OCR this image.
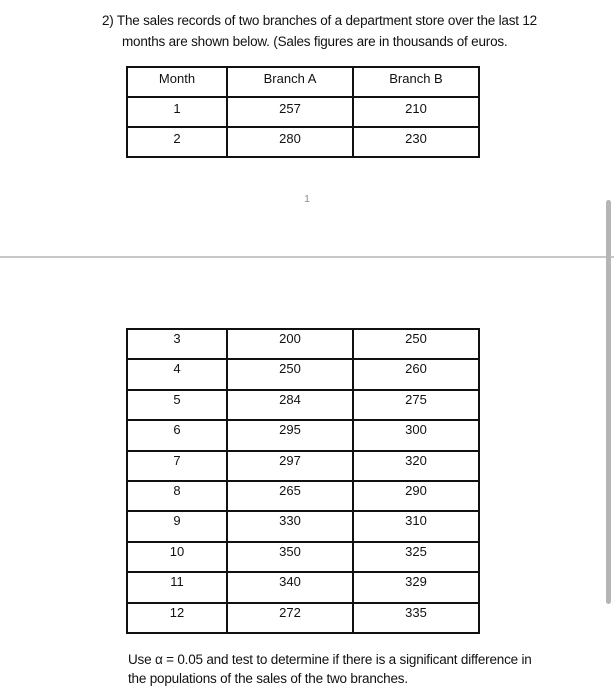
2) The sales records of two branches of a department store over the last 12
months are shown below. (Sales figures are in thousands of euros.
Month	Branch A	Branch B
1	257	210
2	280	230
1
3	200	250
4	250	260
5	284	275
6	295	300
7	297	320
8	265	290
9	330	310
10	350	325
11	340	329
12	272	335
Use α = 0.05 and test to determine if there is a significant difference in
the populations of the sales of the two branches.
